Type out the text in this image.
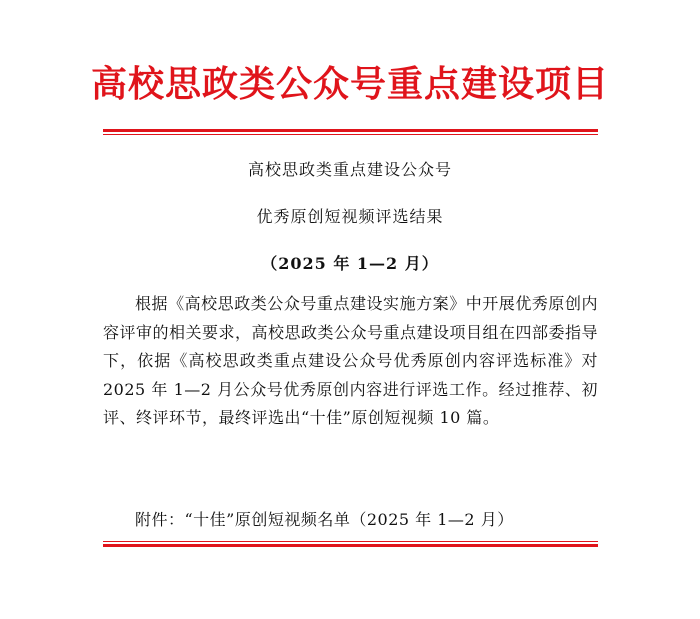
高校思政类公众号重点建设项目
高校思政类重点建设公众号
优秀原创短视频评选结果
（2025 年 1—2 月）

根据《高校思政类公众号重点建设实施方案》中开展优秀原创内容评审的相关要求，高校思政类公众号重点建设项目组在四部委指导下，依据《高校思政类重点建设公众号优秀原创内容评选标准》对 2025 年 1—2 月公众号优秀原创内容进行评选工作。经过推荐、初评、终评环节，最终评选出“十佳”原创短视频 10 篇。

附件：“十佳”原创短视频名单（2025 年 1—2 月）
